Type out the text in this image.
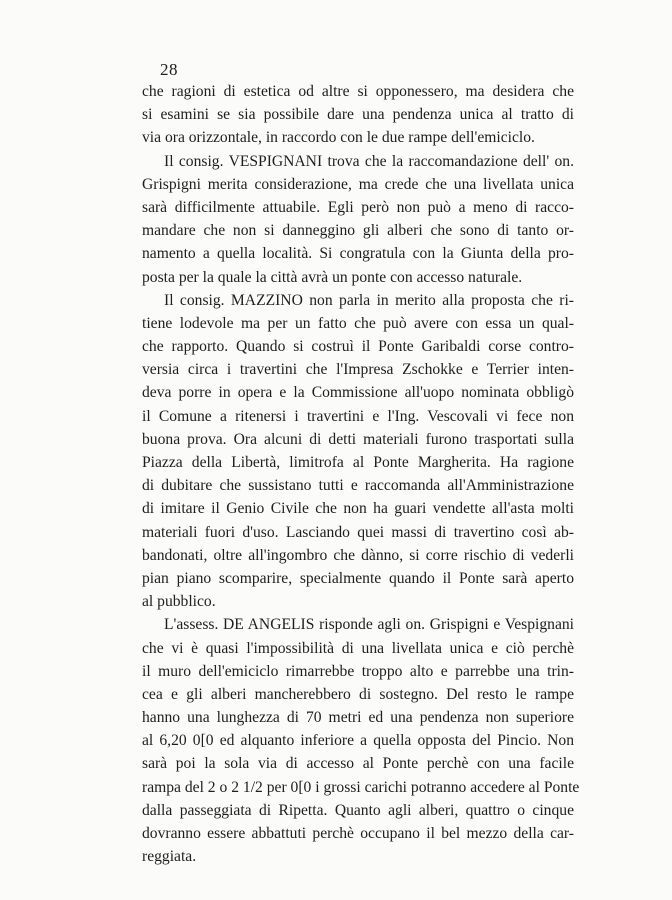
28
che ragioni di estetica od altre si opponessero, ma desidera che
si esamini se sia possibile dare una pendenza unica al tratto di
via ora orizzontale, in raccordo con le due rampe dell'emiciclo.
Il consig. VESPIGNANI trova che la raccomandazione dell' on.
Grispigni merita considerazione, ma crede che una livellata unica
sarà difficilmente attuabile. Egli però non può a meno di racco-
mandare che non si danneggino gli alberi che sono di tanto or-
namento a quella località. Si congratula con la Giunta della pro-
posta per la quale la città avrà un ponte con accesso naturale.
Il consig. MAZZINO non parla in merito alla proposta che ri-
tiene lodevole ma per un fatto che può avere con essa un qual-
che rapporto. Quando si costruì il Ponte Garibaldi corse contro-
versia circa i travertini che l'Impresa Zschokke e Terrier inten-
deva porre in opera e la Commissione all'uopo nominata obbligò
il Comune a ritenersi i travertini e l'Ing. Vescovali vi fece non
buona prova. Ora alcuni di detti materiali furono trasportati sulla
Piazza della Libertà, limitrofa al Ponte Margherita. Ha ragione
di dubitare che sussistano tutti e raccomanda all'Amministrazione
di imitare il Genio Civile che non ha guari vendette all'asta molti
materiali fuori d'uso. Lasciando quei massi di travertino così ab-
bandonati, oltre all'ingombro che dànno, si corre rischio di vederli
pian piano scomparire, specialmente quando il Ponte sarà aperto
al pubblico.
L'assess. DE ANGELIS risponde agli on. Grispigni e Vespignani
che vi è quasi l'impossibilità di una livellata unica e ciò perchè
il muro dell'emiciclo rimarrebbe troppo alto e parrebbe una trin-
cea e gli alberi mancherebbero di sostegno. Del resto le rampe
hanno una lunghezza di 70 metri ed una pendenza non superiore
al 6,20 0[0 ed alquanto inferiore a quella opposta del Pincio. Non
sarà poi la sola via di accesso al Ponte perchè con una facile
rampa del 2 o 2 1/2 per 0[0 i grossi carichi potranno accedere al Ponte
dalla passeggiata di Ripetta. Quanto agli alberi, quattro o cinque
dovranno essere abbattuti perchè occupano il bel mezzo della car-
reggiata.
